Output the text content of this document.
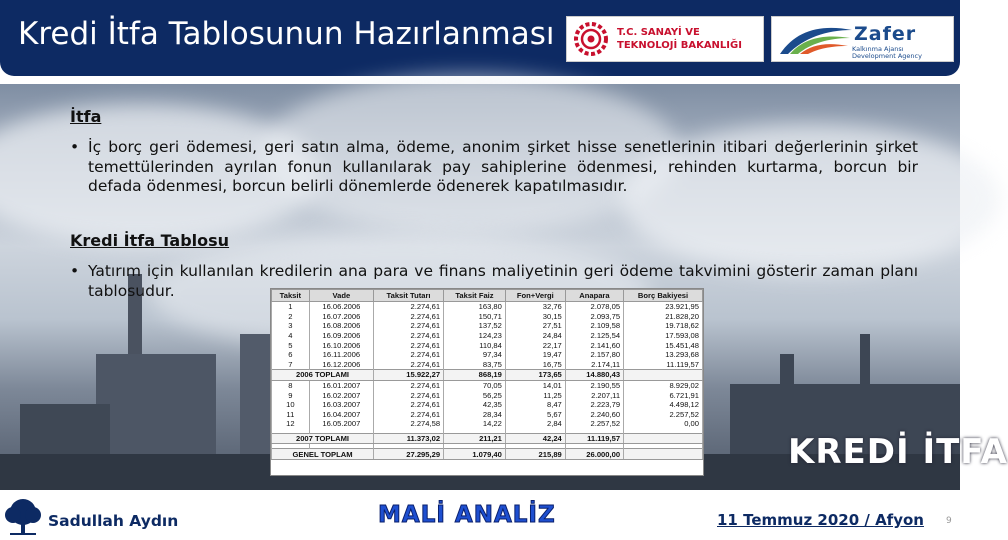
Kredi İtfa Tablosunun Hazırlanması	T.C. SANAYİ VE
TEKNOLOJİ BAKANLIĞI
Zafer
Kalkınma Ajansı
Development Agency
İtfa
• İç borç geri ödemesi, geri satın alma, ödeme, anonim şirket hisse senetlerinin itibari değerlerinin şirket temettülerinden ayrılan fonun kullanılarak pay sahiplerine ödenmesi, rehinden kurtarma, borcun bir defada ödenmesi, borcun belirli dönemlerde ödenerek kapatılmasıdır.
Kredi İtfa Tablosu
• Yatırım için kullanılan kredilerin ana para ve finans maliyetinin geri ödeme takvimini gösterir zaman planı tablosudur.	Taksit	Vade	Taksit Tutarı	Taksit Faiz	Fon+Vergi	Anapara	Borç Bakiyesi
1	16.06.2006	2.274,61	163,80	32,76	2.078,05	23.921,95
2	16.07.2006	2.274,61	150,71	30,15	2.093,75	21.828,20
3	16.08.2006	2.274,61	137,52	27,51	2.109,58	19.718,62
4	16.09.2006	2.274,61	124,23	24,84	2.125,54	17.593,08
5	16.10.2006	2.274,61	110,84	22,17	2.141,60	15.451,48
6	16.11.2006	2.274,61	97,34	19,47	2.157,80	13.293,68
7	16.12.2006	2.274,61	83,75	16,75	2.174,11	11.119,57
2006 TOPLAMI		15.922,27	868,19	173,65	14.880,43	
8	16.01.2007	2.274,61	70,05	14,01	2.190,55	8.929,02
9	16.02.2007	2.274,61	56,25	11,25	2.207,11	6.721,91
10	16.03.2007	2.274,61	42,35	8,47	2.223,79	4.498,12
11	16.04.2007	2.274,61	28,34	5,67	2.240,60	2.257,52
12	16.05.2007	2.274,58	14,22	2,84	2.257,52	0,00

2007 TOPLAMI		11.373,02	211,21	42,24	11.119,57	

GENEL TOPLAM		27.295,29	1.079,40	215,89	26.000,00		KREDİ İTFA
Sadullah Aydın	MALİ ANALİZ	11 Temmuz 2020 / Afyon 9
